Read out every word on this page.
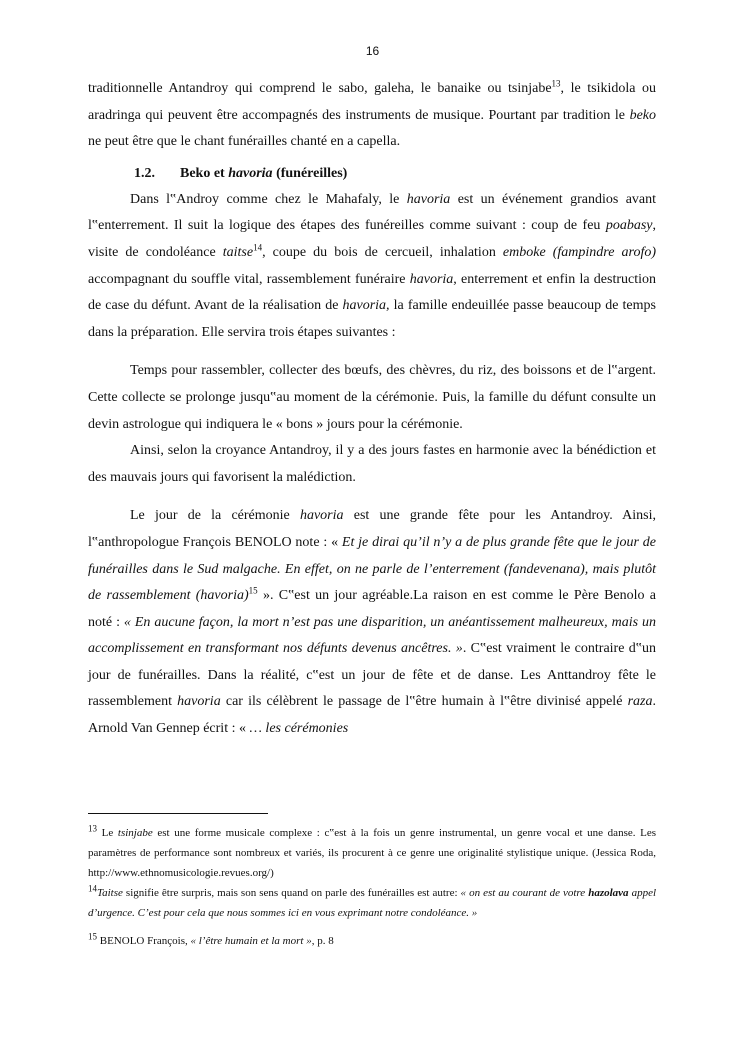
16

traditionnelle Antandroy qui comprend le sabo, galeha, le banaike ou tsinjabe$^{13}$, le tsikidola ou aradringa qui peuvent être accompagnés des instruments de musique. Pourtant par tradition le beko ne peut être que le chant funérailles chanté en a capella.

1.2. Beko et havoria (funéreilles)

Dans l‟Androy comme chez le Mahafaly, le havoria est un événement grandios avant l‟enterrement. Il suit la logique des étapes des funéreilles comme suivant : coup de feu poabasy, visite de condoléance taitse$^{14}$, coupe du bois de cercueil, inhalation emboke (fampindre arofo) accompagnant du souffle vital, rassemblement funéraire havoria, enterrement et enfin la destruction de case du défunt. Avant de la réalisation de havoria, la famille endeuillée passe beaucoup de temps dans la préparation. Elle servira trois étapes suivantes :

Temps pour rassembler, collecter des bœufs, des chèvres, du riz, des boissons et de l‟argent. Cette collecte se prolonge jusqu‟au moment de la cérémonie. Puis, la famille du défunt consulte un devin astrologue qui indiquera le « bons » jours pour la cérémonie.

Ainsi, selon la croyance Antandroy, il y a des jours fastes en harmonie avec la bénédiction et des mauvais jours qui favorisent la malédiction.

Le jour de la cérémonie havoria est une grande fête pour les Antandroy. Ainsi, l‟anthropologue François BENOLO note : « Et je dirai qu’il n’y a de plus grande fête que le jour de funérailles dans le Sud malgache. En effet, on ne parle de l’enterrement (fandevenana), mais plutôt de rassemblement (havoria)$^{15}$ ». C‟est un jour agréable.La raison en est comme le Père Benolo a noté : « En aucune façon, la mort n’est pas une disparition, un anéantissement malheureux, mais un accomplissement en transformant nos défunts devenus ancêtres. ». C‟est vraiment le contraire d‟un jour de funérailles. Dans la réalité, c‟est un jour de fête et de danse. Les Anttandroy fête le rassemblement havoria car ils célèbrent le passage de l‟être humain à l‟être divinisé appelé raza. Arnold Van Gennep écrit : « … les cérémonies

$^{13}$ Le tsinjabe est une forme musicale complexe : c‟est à la fois un genre instrumental, un genre vocal et une danse. Les paramètres de performance sont nombreux et variés, ils procurent à ce genre une originalité stylistique unique. (Jessica Roda, http://www.ethnomusicologie.revues.org/)

$^{14}$Taitse signifie être surpris, mais son sens quand on parle des funérailles est autre: « on est au courant de votre hazolava appel d’urgence. C’est pour cela que nous sommes ici en vous exprimant notre condoléance. »

$^{15}$ BENOLO François, « l’être humain et la mort », p. 8
